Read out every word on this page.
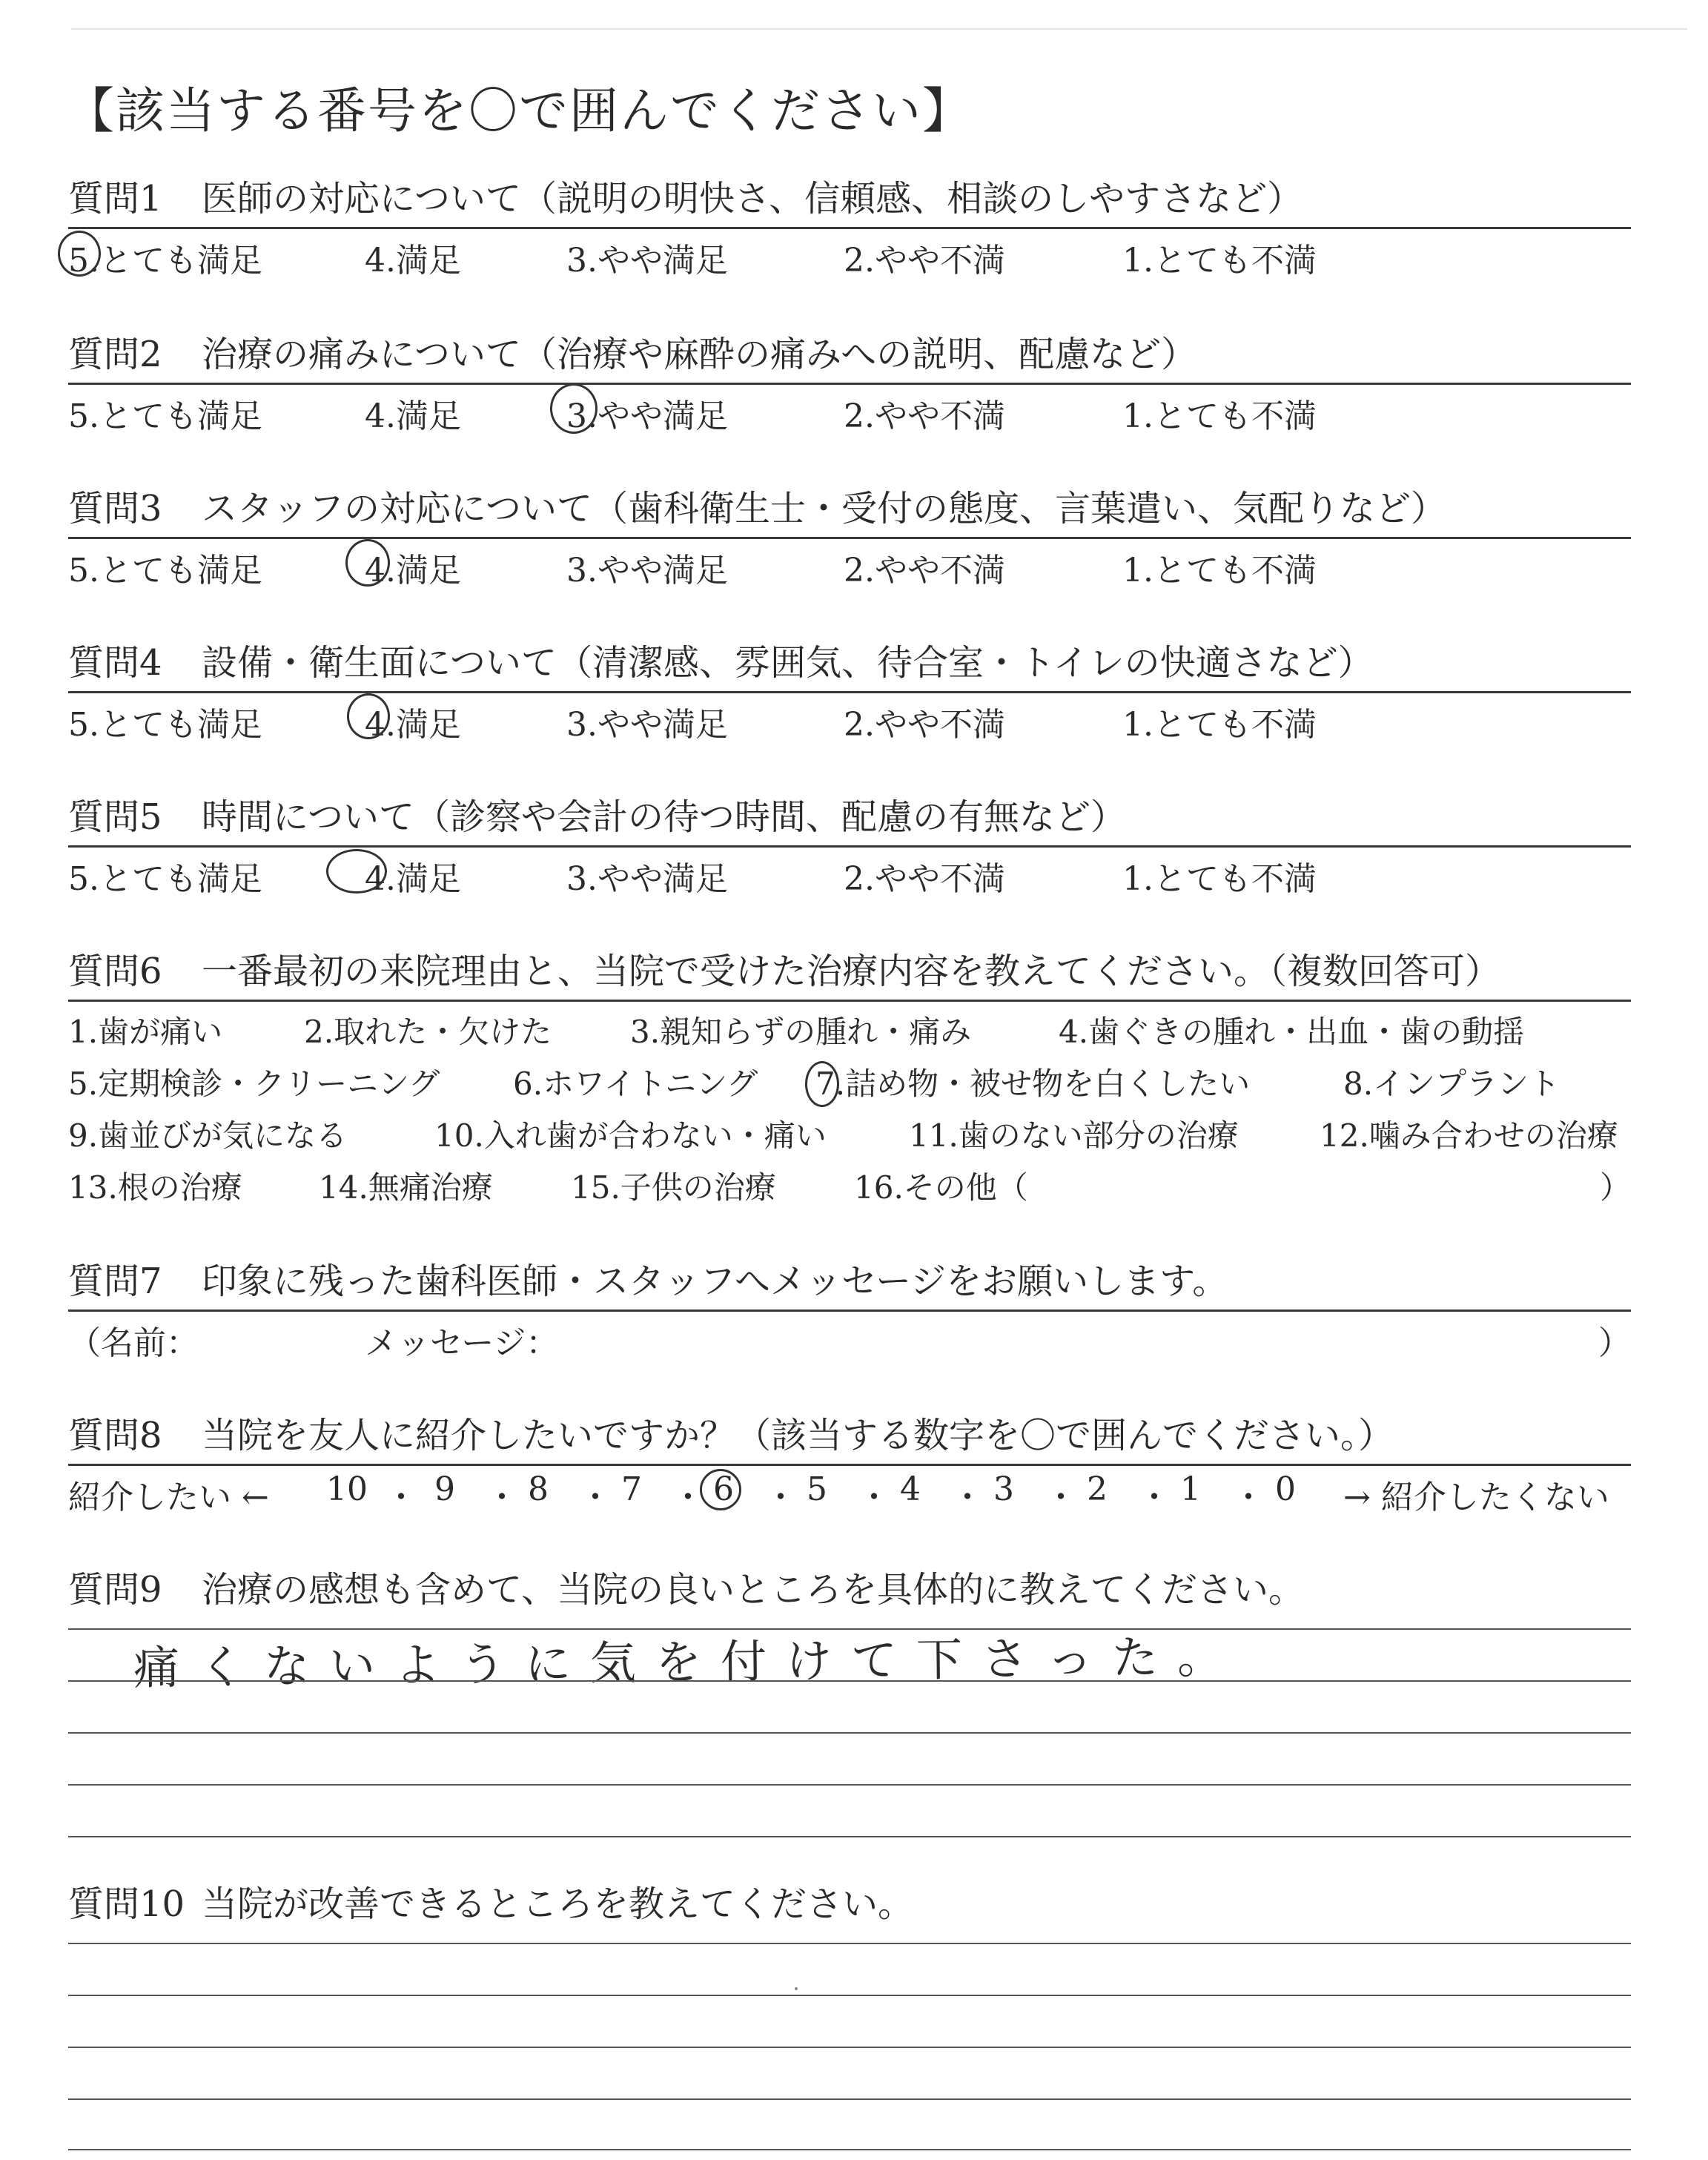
【該当する番号を〇で囲んでください】
質問1 医師の対応について（説明の明快さ、信頼感、相談のしやすさなど）
5.とても満足	4.満足	3.やや満足	2.やや不満	1.とても不満
質問2 治療の痛みについて（治療や麻酔の痛みへの説明、配慮など）
5.とても満足	4.満足	3.やや満足	2.やや不満	1.とても不満
質問3 スタッフの対応について（歯科衛生士・受付の態度、言葉遣い、気配りなど）
5.とても満足	4.満足	3.やや満足	2.やや不満	1.とても不満
質問4 設備・衛生面について（清潔感、雰囲気、待合室・トイレの快適さなど）
5.とても満足	4.満足	3.やや満足	2.やや不満	1.とても不満
質問5 時間について（診察や会計の待つ時間、配慮の有無など）
5.とても満足	4.満足	3.やや満足	2.やや不満	1.とても不満
質問6 一番最初の来院理由と、当院で受けた治療内容を教えてください。（複数回答可）
1.歯が痛い	2.取れた・欠けた	3.親知らずの腫れ・痛み	4.歯ぐきの腫れ・出血・歯の動揺
5.定期検診・クリーニング 6.ホワイトニング 7.詰め物・被せ物を白くしたい	8.インプラント
9.歯並びが気になる	10.入れ歯が合わない・痛い	11.歯のない部分の治療	12.噛み合わせの治療
13.根の治療 14.無痛治療	15.子供の治療	16.その他（	）
質問7 印象に残った歯科医師・スタッフへメッセージをお願いします。
（名前：	メッセージ：	）
質問8 当院を友人に紹介したいですか？（該当する数字を〇で囲んでください。）
紹介したい ← 10 9 8 7 6 5 4 3 2 1 0 → 紹介したくない
・ ・ ・ ・ ・ ・ ・ ・ ・ ・
質問9 治療の感想も含めて、当院の良いところを具体的に教えてください。
痛くないように気を付けて下さった。
質問10 当院が改善できるところを教えてください。
